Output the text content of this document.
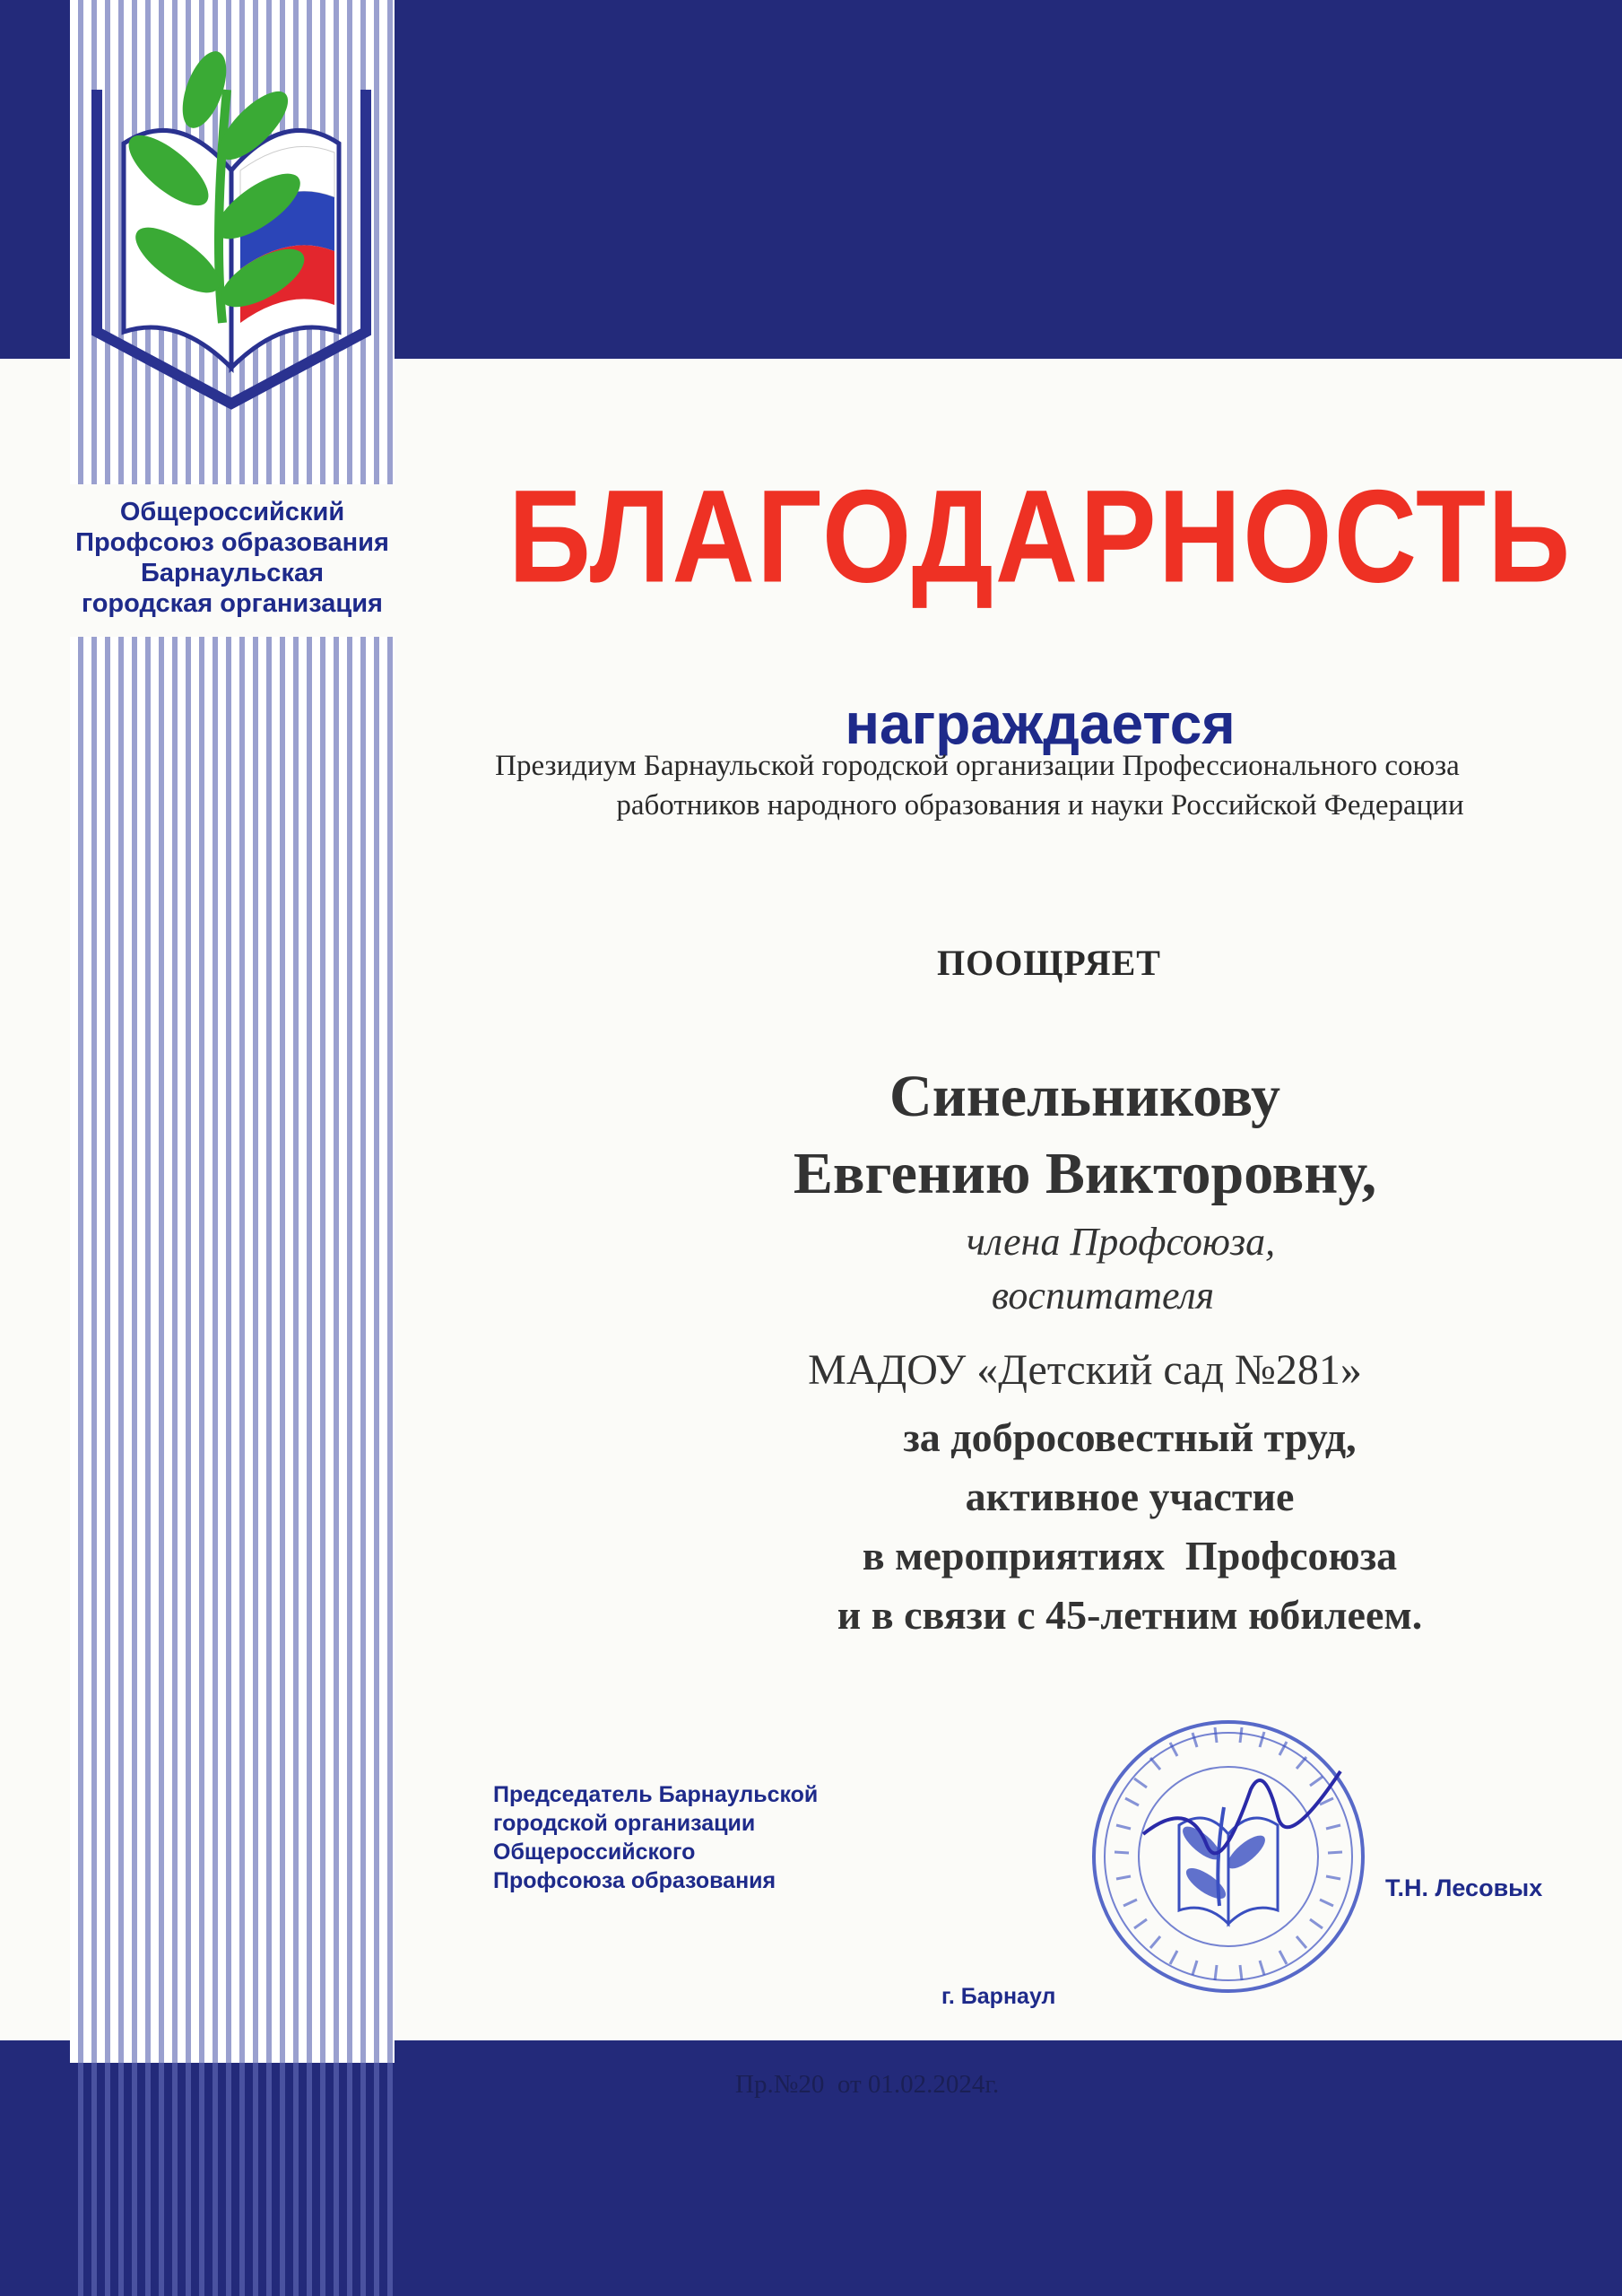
Общероссийский
Профсоюз образования
Барнаульская
городская организация БЛАГОДАРНОСТЬ
награждается
Президиум Барнаульской городской организации Профессионального союза
работников народного образования и науки Российской Федерации
ПООЩРЯЕТ
Синельникову
Евгению Викторовну,
члена Профсоюза,
воспитателя
МАДОУ «Детский сад №281»
за добросовестный труд,
активное участие
в мероприятиях  Профсоюза
и в связи с 45-летним юбилеем.
Председатель Барнаульской
городской организации
Общероссийского
Профсоюза образования	Т.Н. Лесовых
г. Барнаул
Пр.№20  от 01.02.2024г.
